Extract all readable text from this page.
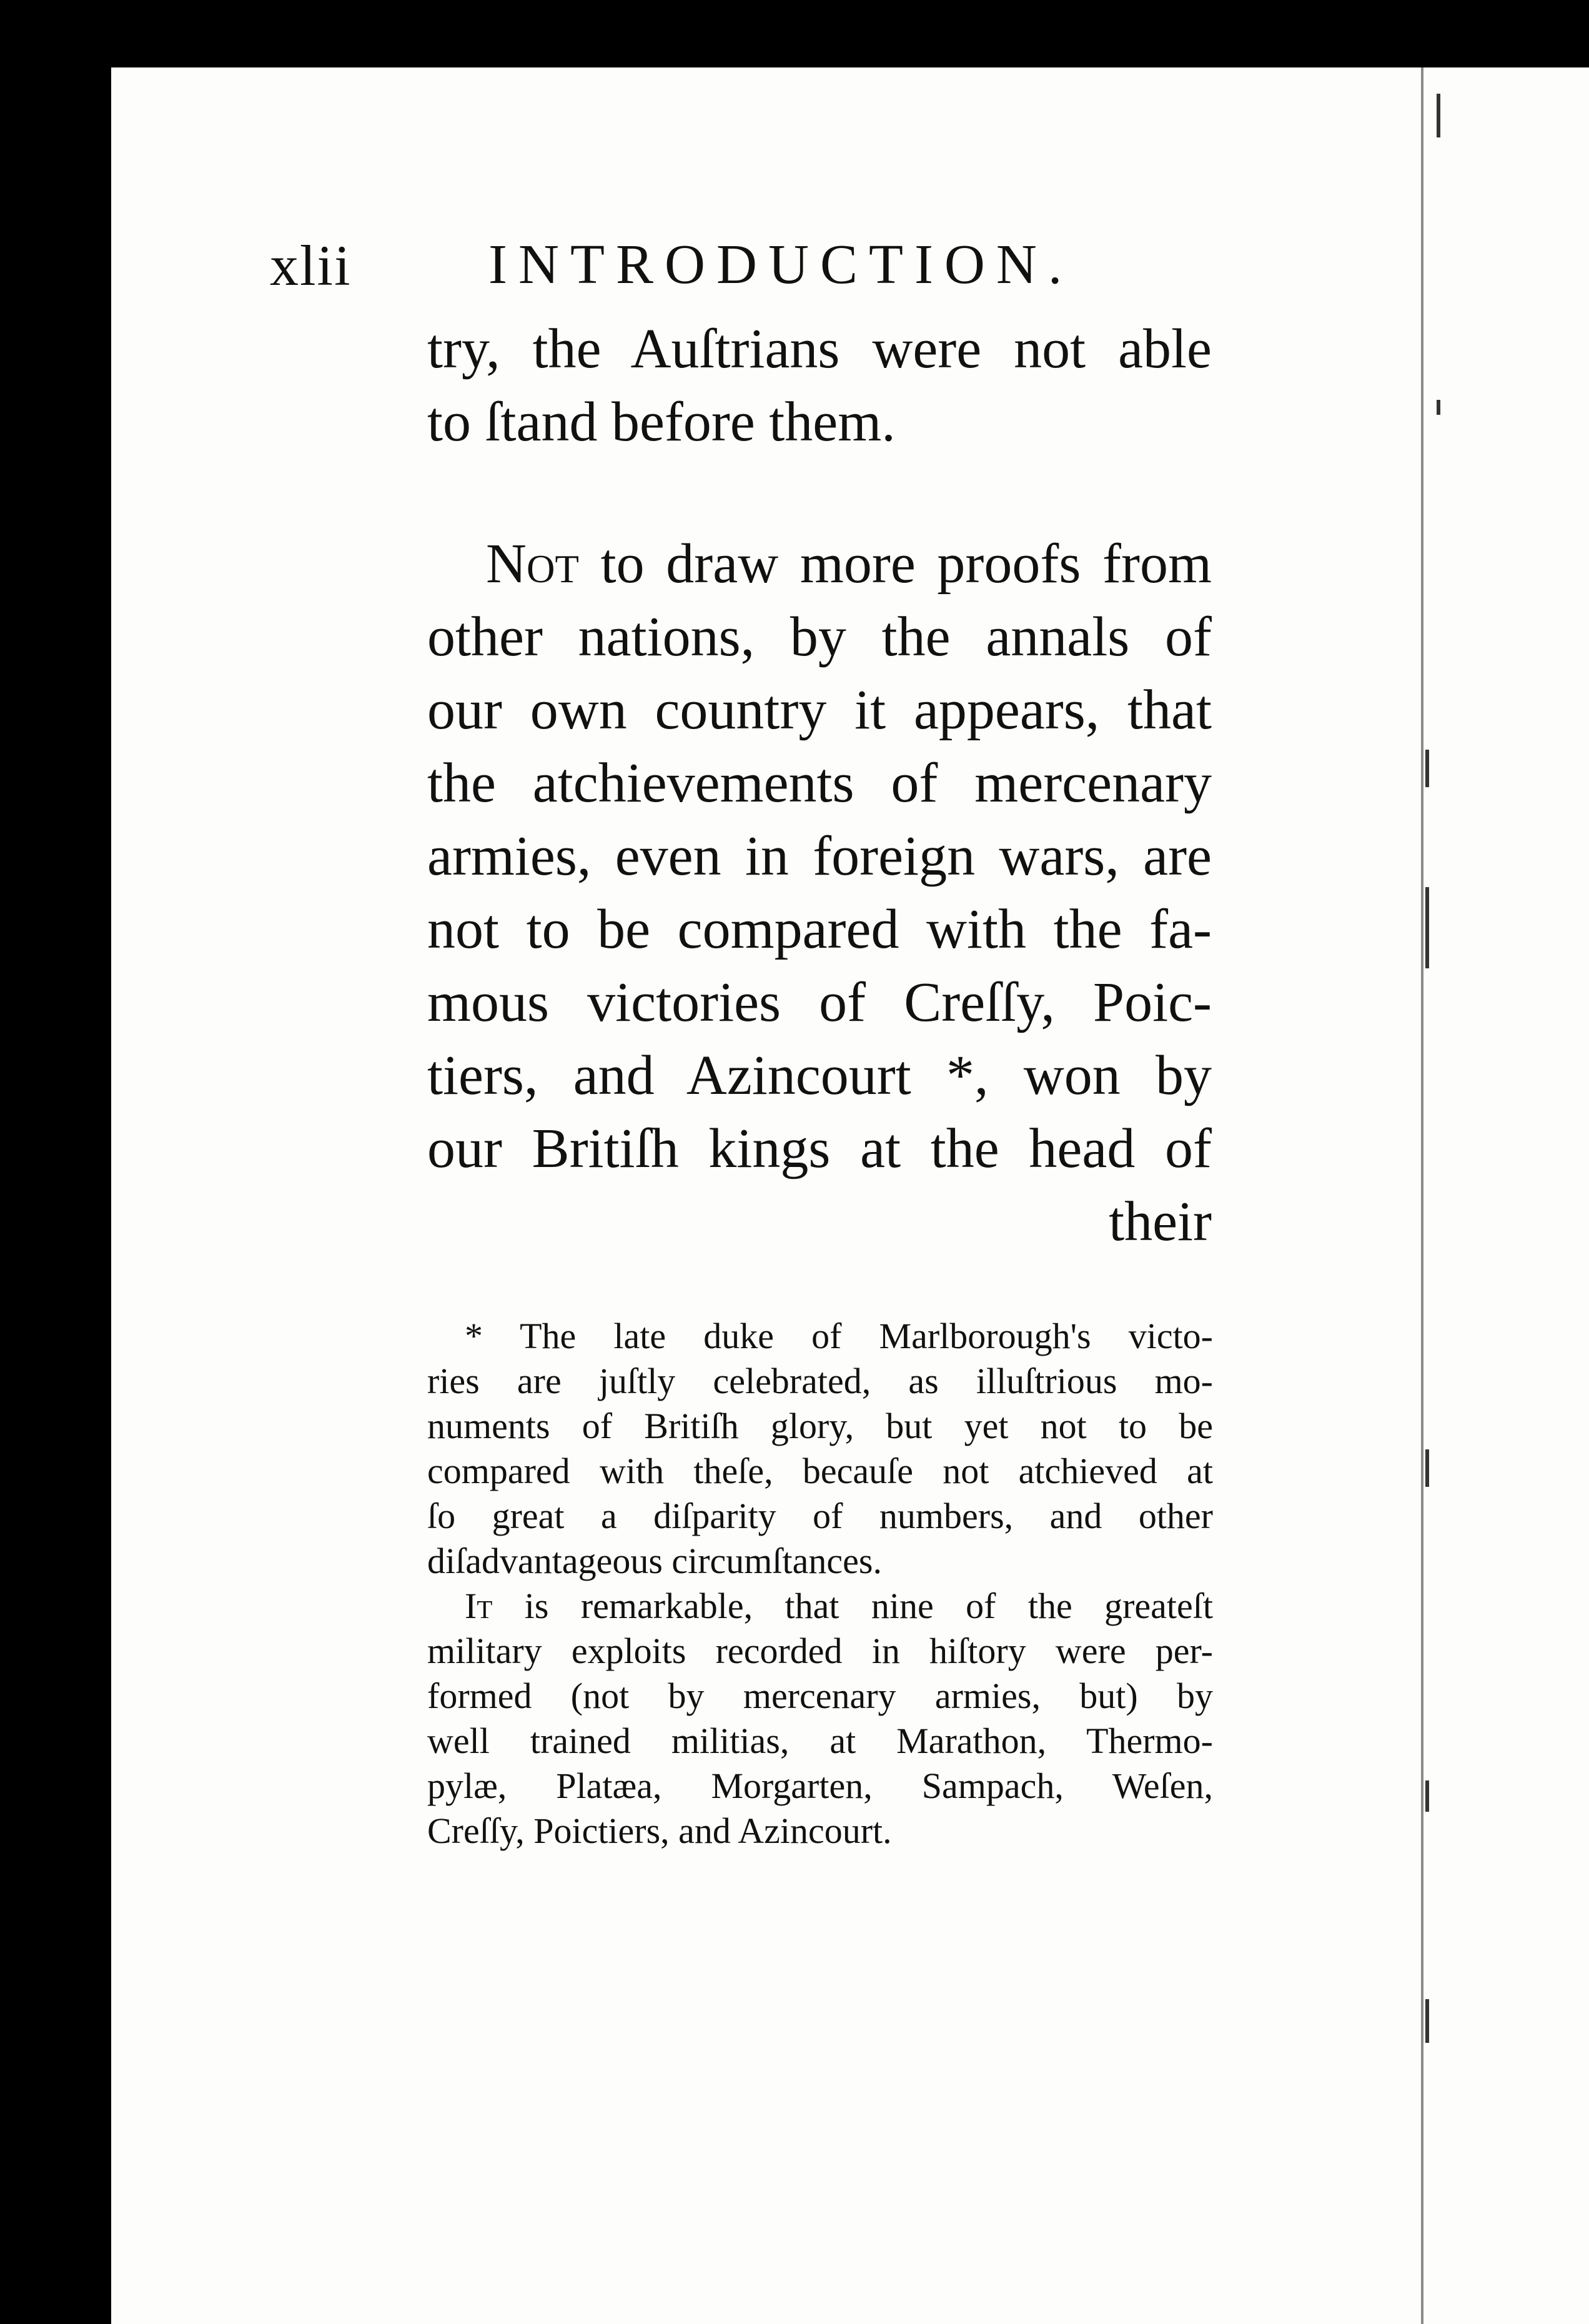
xlii INTRODUCTION.

try, the Auſtrians were not able
to ſtand before them.

Not to draw more proofs from
other nations, by the annals of
our own country it appears, that
the atchievements of mercenary
armies, even in foreign wars, are
not to be compared with the fa-
mous victories of Creſſy, Poic-
tiers, and Azincourt *, won by
our Britiſh kings at the head of

their

* The late duke of Marlborough's victo-
ries are juſtly celebrated, as illuſtrious mo-
numents of Britiſh glory, but yet not to be
compared with theſe, becauſe not atchieved at
ſo great a diſparity of numbers, and other
diſadvantageous circumſtances.

It is remarkable, that nine of the greateſt
military exploits recorded in hiſtory were per-
formed (not by mercenary armies, but) by
well trained militias, at Marathon, Thermo-
pylæ, Platæa, Morgarten, Sampach, Weſen,
Creſſy, Poictiers, and Azincourt.
